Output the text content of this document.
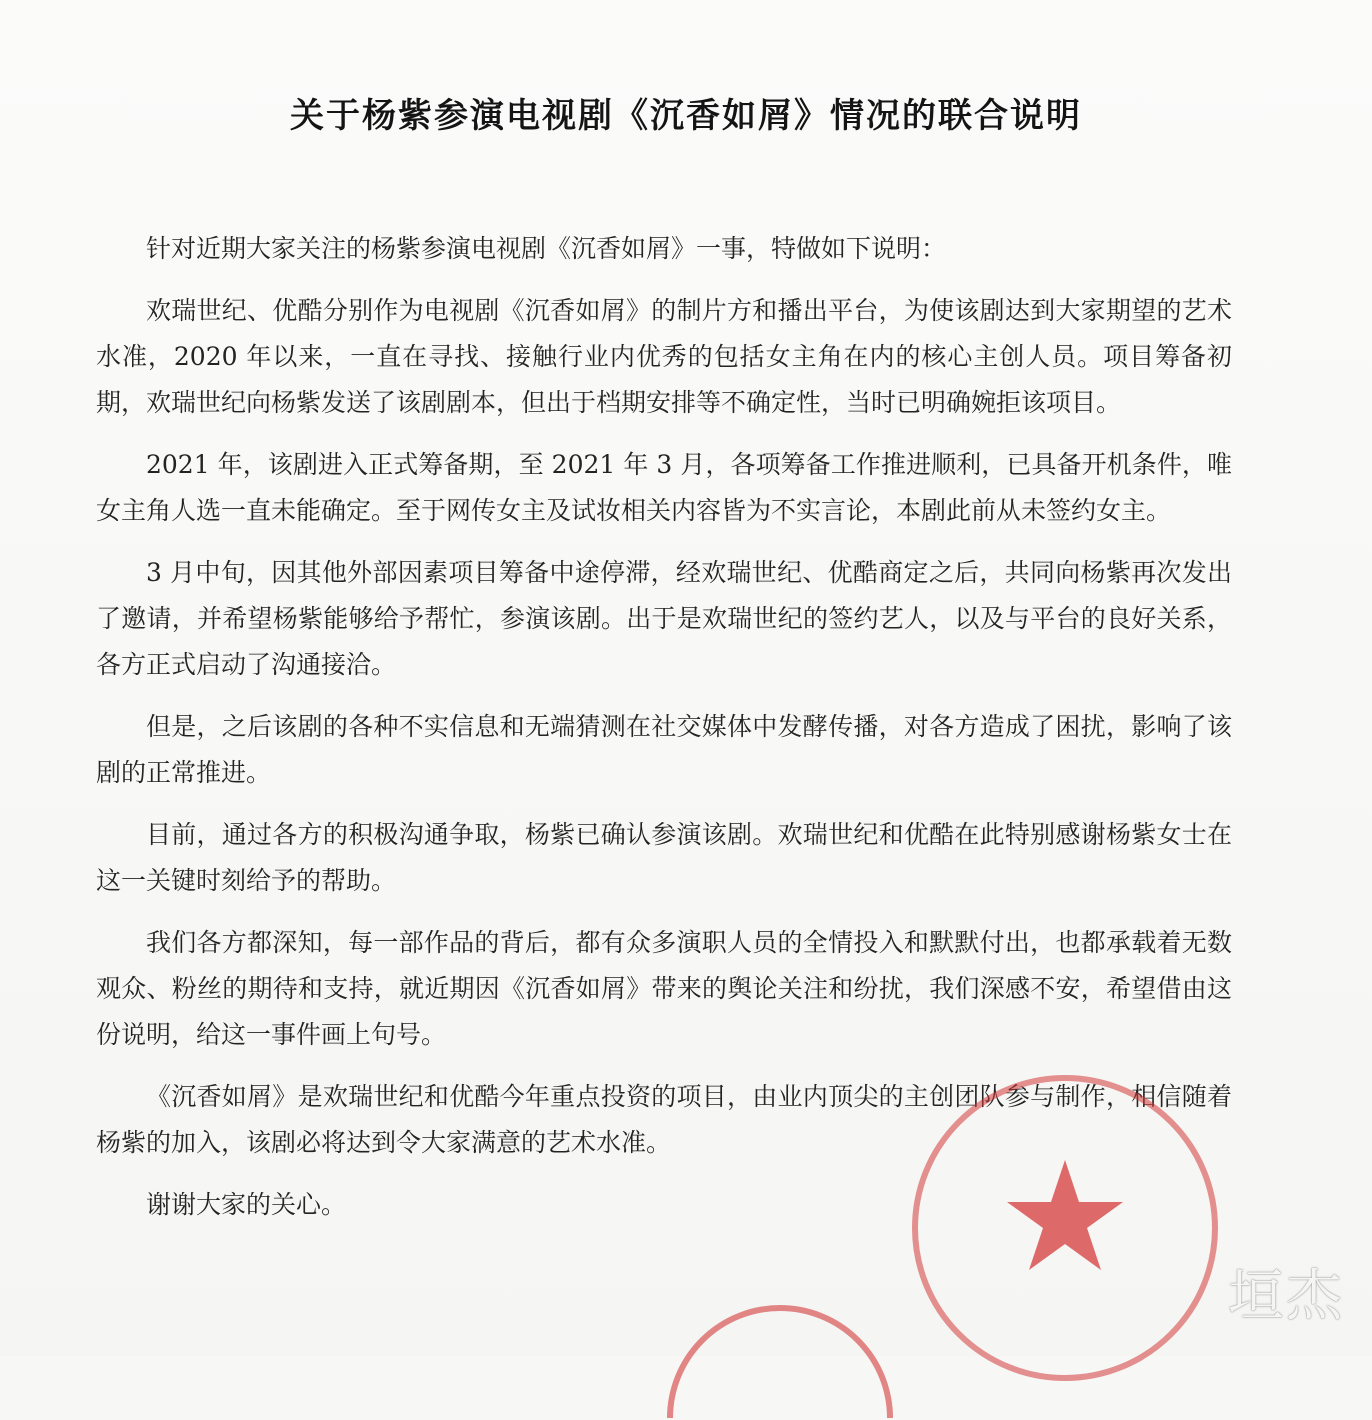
关于杨紫参演电视剧《沉香如屑》情况的联合说明

针对近期大家关注的杨紫参演电视剧《沉香如屑》一事，特做如下说明：

欢瑞世纪、优酷分别作为电视剧《沉香如屑》的制片方和播出平台，为使该剧达到大家期望的艺术水准，2020 年以来，一直在寻找、接触行业内优秀的包括女主角在内的核心主创人员。项目筹备初期，欢瑞世纪向杨紫发送了该剧剧本，但出于档期安排等不确定性，当时已明确婉拒该项目。

2021 年，该剧进入正式筹备期，至 2021 年 3 月，各项筹备工作推进顺利，已具备开机条件，唯女主角人选一直未能确定。至于网传女主及试妆相关内容皆为不实言论，本剧此前从未签约女主。

3 月中旬，因其他外部因素项目筹备中途停滞，经欢瑞世纪、优酷商定之后，共同向杨紫再次发出了邀请，并希望杨紫能够给予帮忙，参演该剧。出于是欢瑞世纪的签约艺人，以及与平台的良好关系，各方正式启动了沟通接洽。

但是，之后该剧的各种不实信息和无端猜测在社交媒体中发酵传播，对各方造成了困扰，影响了该剧的正常推进。

目前，通过各方的积极沟通争取，杨紫已确认参演该剧。欢瑞世纪和优酷在此特别感谢杨紫女士在这一关键时刻给予的帮助。

我们各方都深知，每一部作品的背后，都有众多演职人员的全情投入和默默付出，也都承载着无数观众、粉丝的期待和支持，就近期因《沉香如屑》带来的舆论关注和纷扰，我们深感不安，希望借由这份说明，给这一事件画上句号。

《沉香如屑》是欢瑞世纪和优酷今年重点投资的项目，由业内顶尖的主创团队参与制作，相信随着杨紫的加入，该剧必将达到令大家满意的艺术水准。

谢谢大家的关心。

垣杰
